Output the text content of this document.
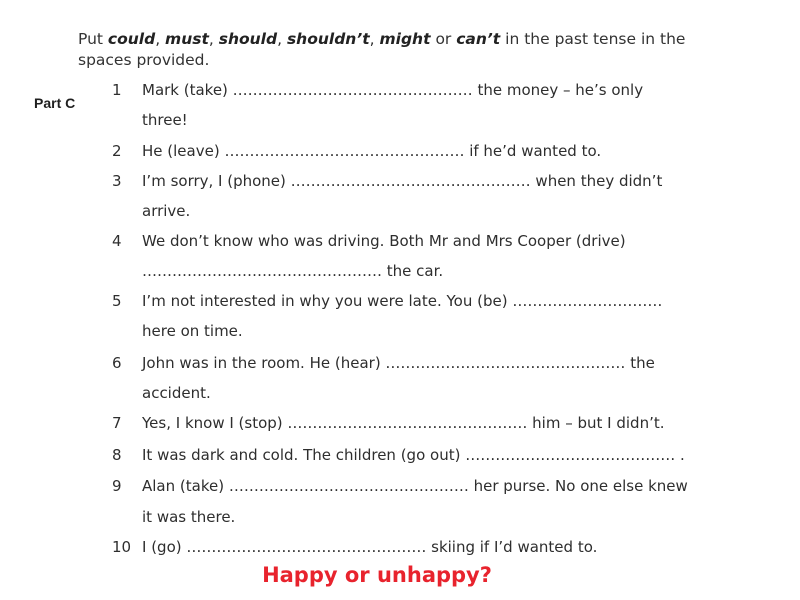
Put could, must, should, shouldn’t, might or can’t in the past tense in the spaces provided.
Part C
1	Mark (take) ………………………………………… the money – he’s only
three!
2	He (leave) ………………………………………… if he’d wanted to.
3	I’m sorry, I (phone) ………………………………………… when they didn’t
arrive.
4	We don’t know who was driving. Both Mr and Mrs Cooper (drive)
………………………………………… the car.
5	I’m not interested in why you were late. You (be) …………………………
here on time.
6	John was in the room. He (hear) ………………………………………… the
accident.
7	Yes, I know I (stop) ………………………………………… him – but I didn’t.
8	It was dark and cold. The children (go out) …………………………………… .
9	Alan (take) ………………………………………… her purse. No one else knew
it was there.
10 I (go) ………………………………………… skiing if I’d wanted to.
Happy or unhappy?
